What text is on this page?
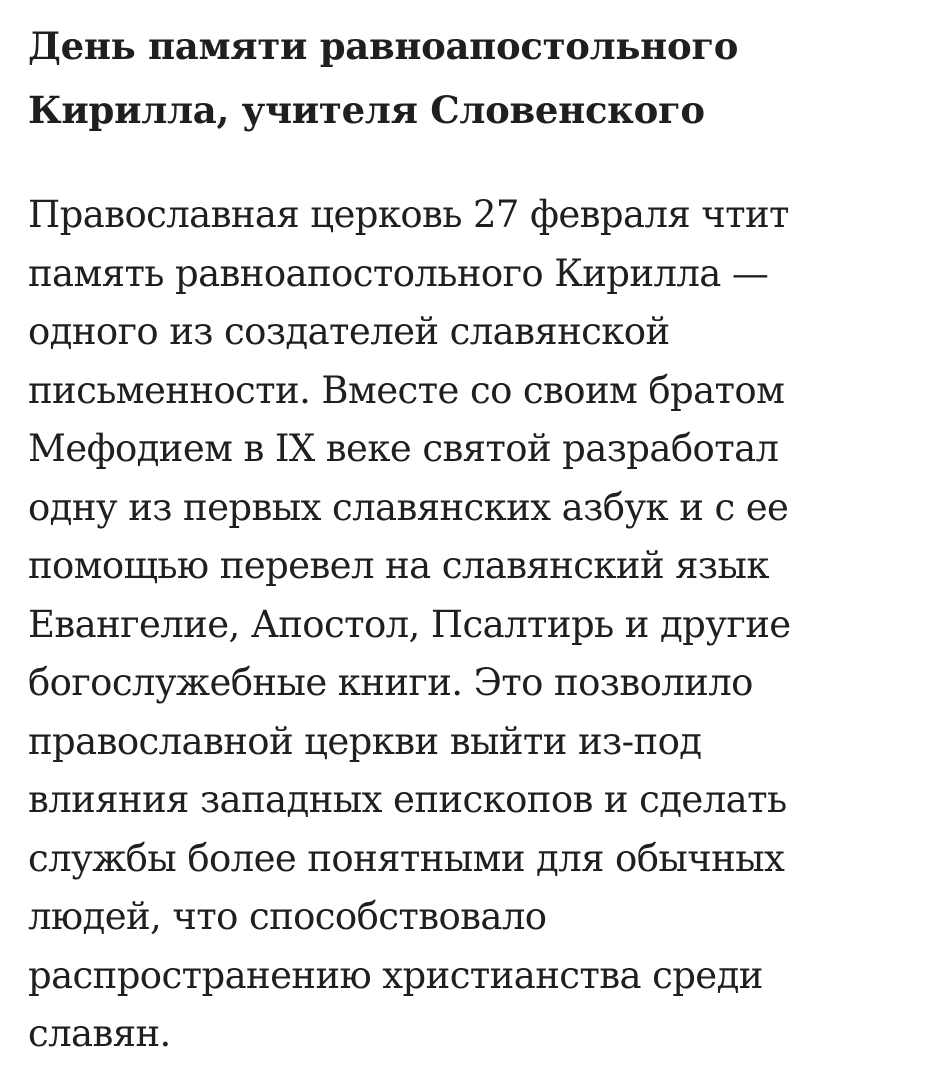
День памяти равноапостольного
Кирилла, учителя Словенского

Православная церковь 27 февраля чтит
память равноапостольного Кирилла —
одного из создателей славянской
письменности. Вместе со своим братом
Мефодием в IX веке святой разработал
одну из первых славянских азбук и с ее
помощью перевел на славянский язык
Евангелие, Апостол, Псалтирь и другие
богослужебные книги. Это позволило
православной церкви выйти из-под
влияния западных епископов и сделать
службы более понятными для обычных
людей, что способствовало
распространению христианства среди
славян.
